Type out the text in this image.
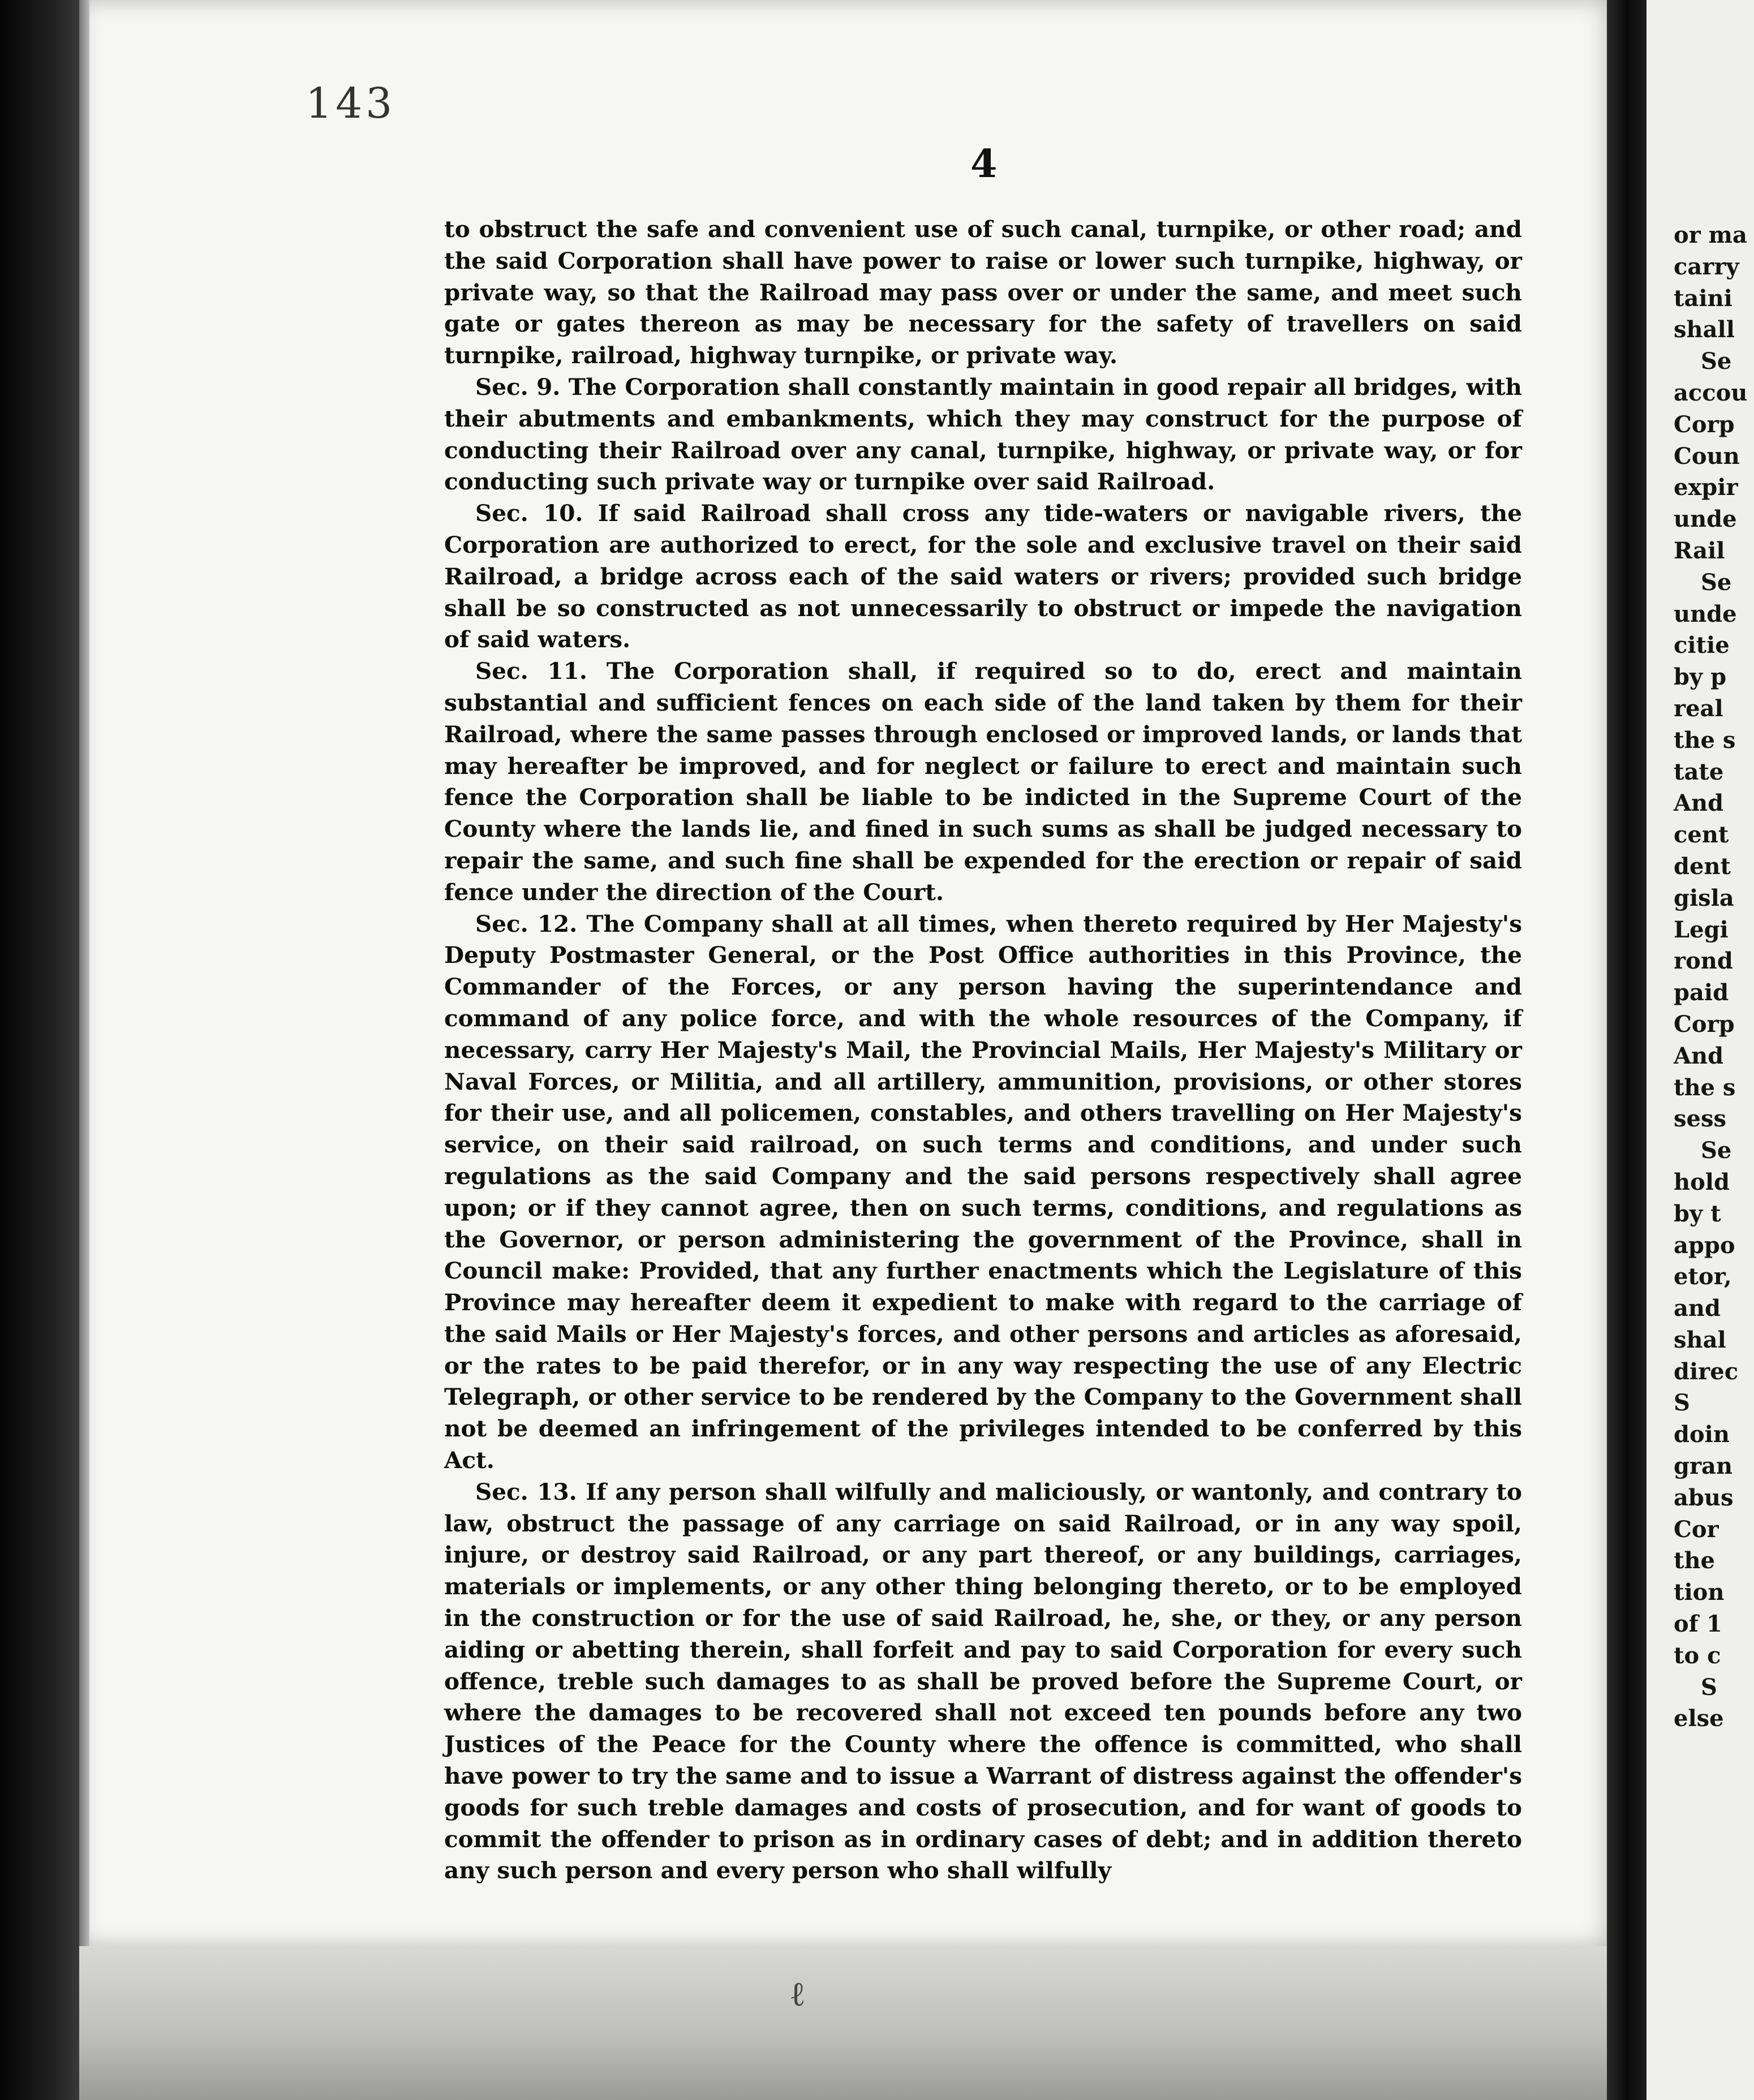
143
4

to obstruct the safe and convenient use of such canal, turnpike, or other road; and the said Corporation shall have power to raise or lower such turnpike, highway, or private way, so that the Railroad may pass over or under the same, and meet such gate or gates thereon as may be necessary for the safety of travellers on said turnpike, railroad, highway turnpike, or private way.

Sec. 9. The Corporation shall constantly maintain in good repair all bridges, with their abutments and embankments, which they may construct for the purpose of conducting their Railroad over any canal, turnpike, highway, or private way, or for conducting such private way or turnpike over said Railroad.

Sec. 10. If said Railroad shall cross any tide-waters or navigable rivers, the Corporation are authorized to erect, for the sole and exclusive travel on their said Railroad, a bridge across each of the said waters or rivers; provided such bridge shall be so constructed as not unnecessarily to obstruct or impede the navigation of said waters.

Sec. 11. The Corporation shall, if required so to do, erect and maintain substantial and sufficient fences on each side of the land taken by them for their Railroad, where the same passes through enclosed or improved lands, or lands that may hereafter be improved, and for neglect or failure to erect and maintain such fence the Corporation shall be liable to be indicted in the Supreme Court of the County where the lands lie, and fined in such sums as shall be judged necessary to repair the same, and such fine shall be expended for the erection or repair of said fence under the direction of the Court.

Sec. 12. The Company shall at all times, when thereto required by Her Majesty's Deputy Postmaster General, or the Post Office authorities in this Province, the Commander of the Forces, or any person having the superintendance and command of any police force, and with the whole resources of the Company, if necessary, carry Her Majesty's Mail, the Provincial Mails, Her Majesty's Military or Naval Forces, or Militia, and all artillery, ammunition, provisions, or other stores for their use, and all policemen, constables, and others travelling on Her Majesty's service, on their said railroad, on such terms and conditions, and under such regulations as the said Company and the said persons respectively shall agree upon; or if they cannot agree, then on such terms, conditions, and regulations as the Governor, or person administering the government of the Province, shall in Council make: Provided, that any further enactments which the Legislature of this Province may hereafter deem it expedient to make with regard to the carriage of the said Mails or Her Majesty's forces, and other persons and articles as aforesaid, or the rates to be paid therefor, or in any way respecting the use of any Electric Telegraph, or other service to be rendered by the Company to the Government shall not be deemed an infringement of the privileges intended to be conferred by this Act.

Sec. 13. If any person shall wilfully and maliciously, or wantonly, and contrary to law, obstruct the passage of any carriage on said Railroad, or in any way spoil, injure, or destroy said Railroad, or any part thereof, or any buildings, carriages, materials or implements, or any other thing belonging thereto, or to be employed in the construction or for the use of said Railroad, he, she, or they, or any person aiding or abetting therein, shall forfeit and pay to said Corporation for every such offence, treble such damages to as shall be proved before the Supreme Court, or where the damages to be recovered shall not exceed ten pounds before any two Justices of the Peace for the County where the offence is committed, who shall have power to try the same and to issue a Warrant of distress against the offender's goods for such treble damages and costs of prosecution, and for want of goods to commit the offender to prison as in ordinary cases of debt; and in addition thereto any such person and every person who shall wilfully

or ma
carry
taini
shall
Se
accou
Corp
Coun
expir
unde
Rail
Se
unde
citie
by p
real
the s
tate
And
cent
dent
gisla
Legi
rond
paid
Corp
And
the s
sess
Se
hold
by t
appo
etor,
and
shal
direc
S
doin
gran
abus
Cor
the
tion
of 1
to c
S
else
ℓ
